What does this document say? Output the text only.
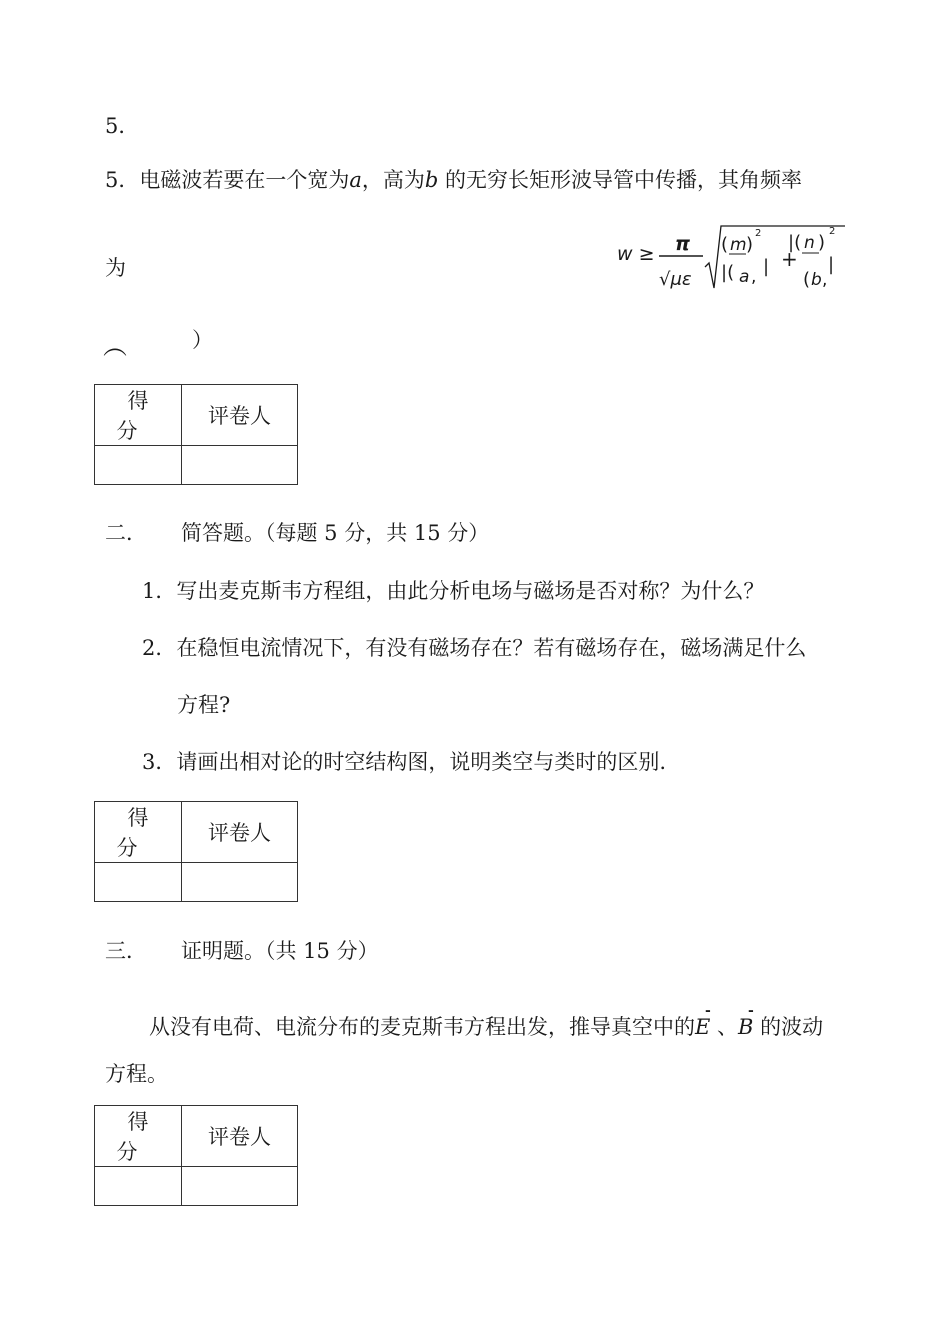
5．
5．电磁波若要在一个宽为a，高为b 的无穷长矩形波导管中传播，其角频率
为
w ≥ π
√με
( m )
2
|( a , | +
|( n )
2
|
( b ,
︵	）
得分	评卷人

二． 简答题。（每题 5 分，共 15 分）
1．写出麦克斯韦方程组，由此分析电场与磁场是否对称？为什么？
2．在稳恒电流情况下，有没有磁场存在？若有磁场存在，磁场满足什么
方程?
3．请画出相对论的时空结构图，说明类空与类时的区别.
得分	评卷人

三． 证明题。（共 15 分）
从没有电荷、电流分布的麦克斯韦方程出发，推导真空中的E
-
、B
-
的波动
方程。
得分	评卷人
